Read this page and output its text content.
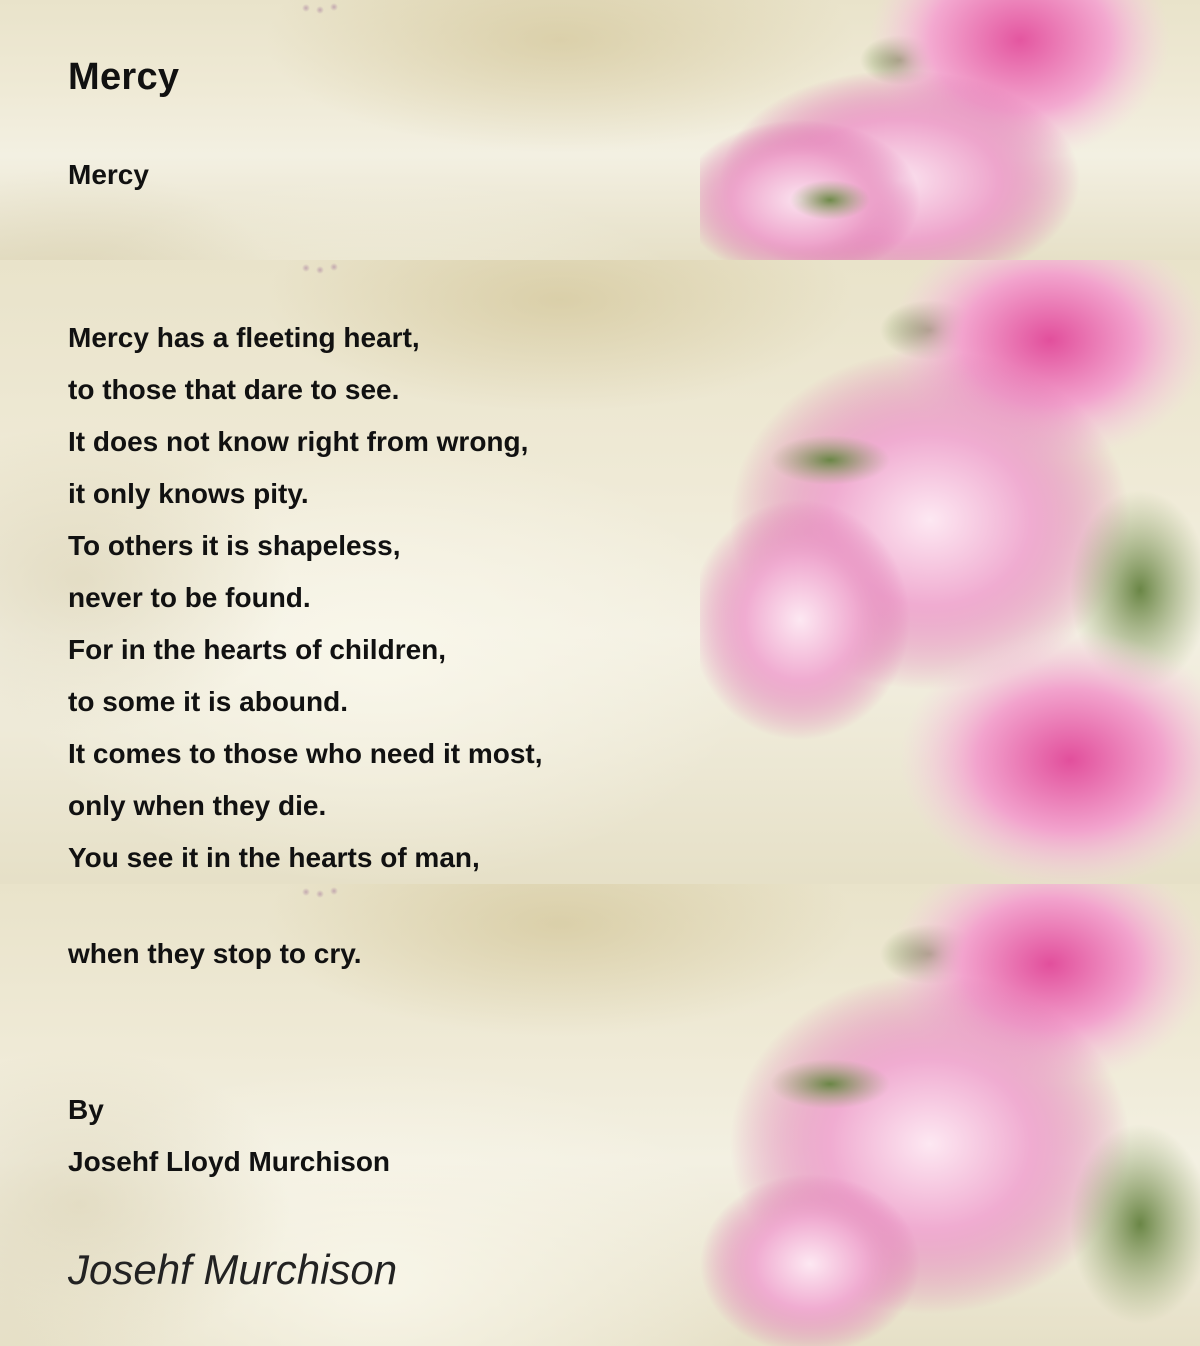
Mercy

Mercy

Mercy has a fleeting heart,
to those that dare to see.
It does not know right from wrong,
it only knows pity.
To others it is shapeless,
never to be found.
For in the hearts of children,
to some it is abound.
It comes to those who need it most,
only when they die.
You see it in the hearts of man,

when they stop to cry.

By

Josehf Lloyd Murchison

Josehf Murchison
